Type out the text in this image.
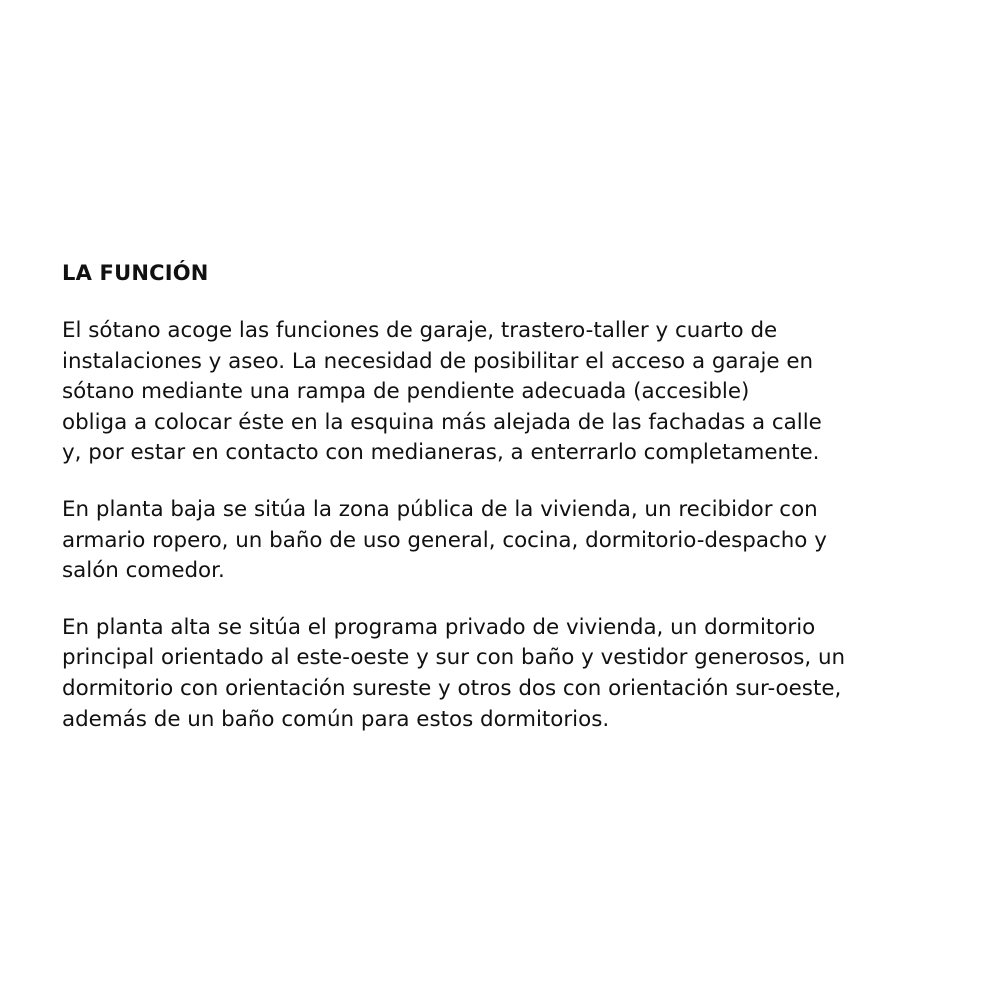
LA FUNCIÓN

El sótano acoge las funciones de garaje, trastero-taller y cuarto de
instalaciones y aseo. La necesidad de posibilitar el acceso a garaje en
sótano mediante una rampa de pendiente adecuada (accesible)
obliga a colocar éste en la esquina más alejada de las fachadas a calle
y, por estar en contacto con medianeras, a enterrarlo completamente.

En planta baja se sitúa la zona pública de la vivienda, un recibidor con
armario ropero, un baño de uso general, cocina, dormitorio-despacho y
salón comedor.

En planta alta se sitúa el programa privado de vivienda, un dormitorio
principal orientado al este-oeste y sur con baño y vestidor generosos, un
dormitorio con orientación sureste y otros dos con orientación sur-oeste,
además de un baño común para estos dormitorios.
